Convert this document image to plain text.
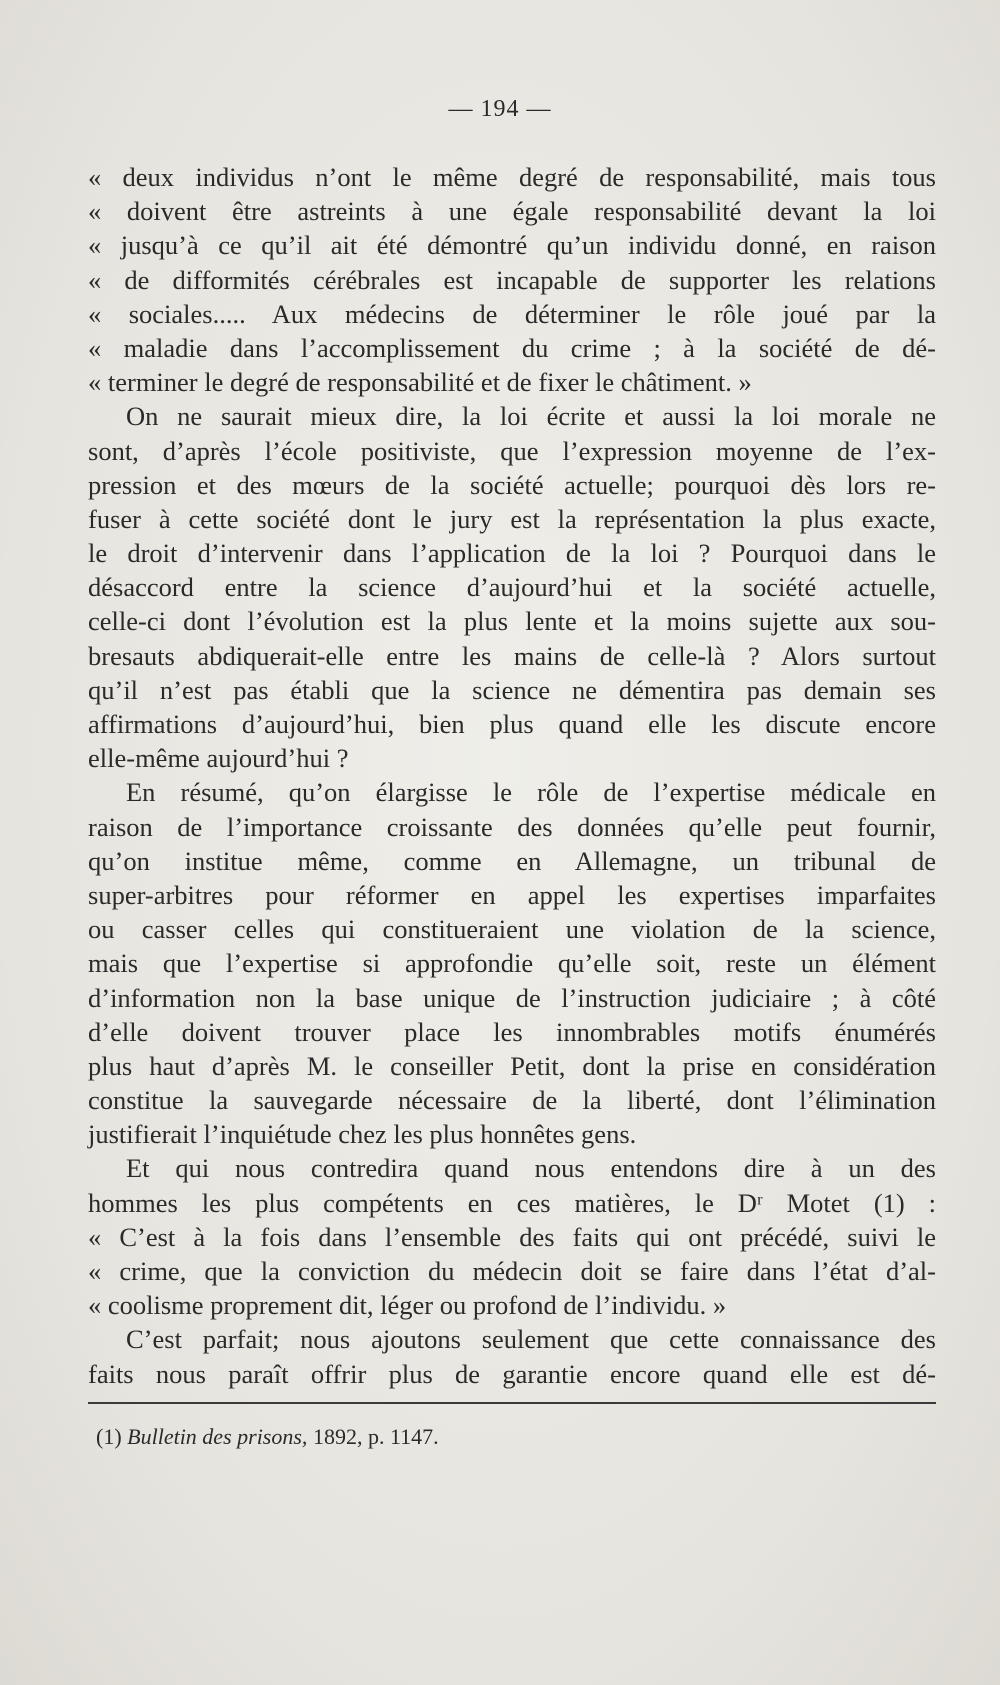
— 194 —
« deux individus n’ont le même degré de responsabilité, mais tous
« doivent être astreints à une égale responsabilité devant la loi
« jusqu’à ce qu’il ait été démontré qu’un individu donné, en raison
« de difformités cérébrales est incapable de supporter les relations
« sociales..... Aux médecins de déterminer le rôle joué par la
« maladie dans l’accomplissement du crime ; à la société de dé-
« terminer le degré de responsabilité et de fixer le châtiment. »
On ne saurait mieux dire, la loi écrite et aussi la loi morale ne
sont, d’après l’école positiviste, que l’expression moyenne de l’ex-
pression et des mœurs de la société actuelle; pourquoi dès lors re-
fuser à cette société dont le jury est la représentation la plus exacte,
le droit d’intervenir dans l’application de la loi ? Pourquoi dans le
désaccord entre la science d’aujourd’hui et la société actuelle,
celle-ci dont l’évolution est la plus lente et la moins sujette aux sou-
bresauts abdiquerait-elle entre les mains de celle-là ? Alors surtout
qu’il n’est pas établi que la science ne démentira pas demain ses
affirmations d’aujourd’hui, bien plus quand elle les discute encore
elle-même aujourd’hui ?
En résumé, qu’on élargisse le rôle de l’expertise médicale en
raison de l’importance croissante des données qu’elle peut fournir,
qu’on institue même, comme en Allemagne, un tribunal de
super-arbitres pour réformer en appel les expertises imparfaites
ou casser celles qui constitueraient une violation de la science,
mais que l’expertise si approfondie qu’elle soit, reste un élément
d’information non la base unique de l’instruction judiciaire ; à côté
d’elle doivent trouver place les innombrables motifs énumérés
plus haut d’après M. le conseiller Petit, dont la prise en considération
constitue la sauvegarde nécessaire de la liberté, dont l’élimination
justifierait l’inquiétude chez les plus honnêtes gens.
Et qui nous contredira quand nous entendons dire à un des
hommes les plus compétents en ces matières, le Dʳ Motet (1) :
« C’est à la fois dans l’ensemble des faits qui ont précédé, suivi le
« crime, que la conviction du médecin doit se faire dans l’état d’al-
« coolisme proprement dit, léger ou profond de l’individu. »
C’est parfait; nous ajoutons seulement que cette connaissance des
faits nous paraît offrir plus de garantie encore quand elle est dé-
(1) Bulletin des prisons, 1892, p. 1147.
